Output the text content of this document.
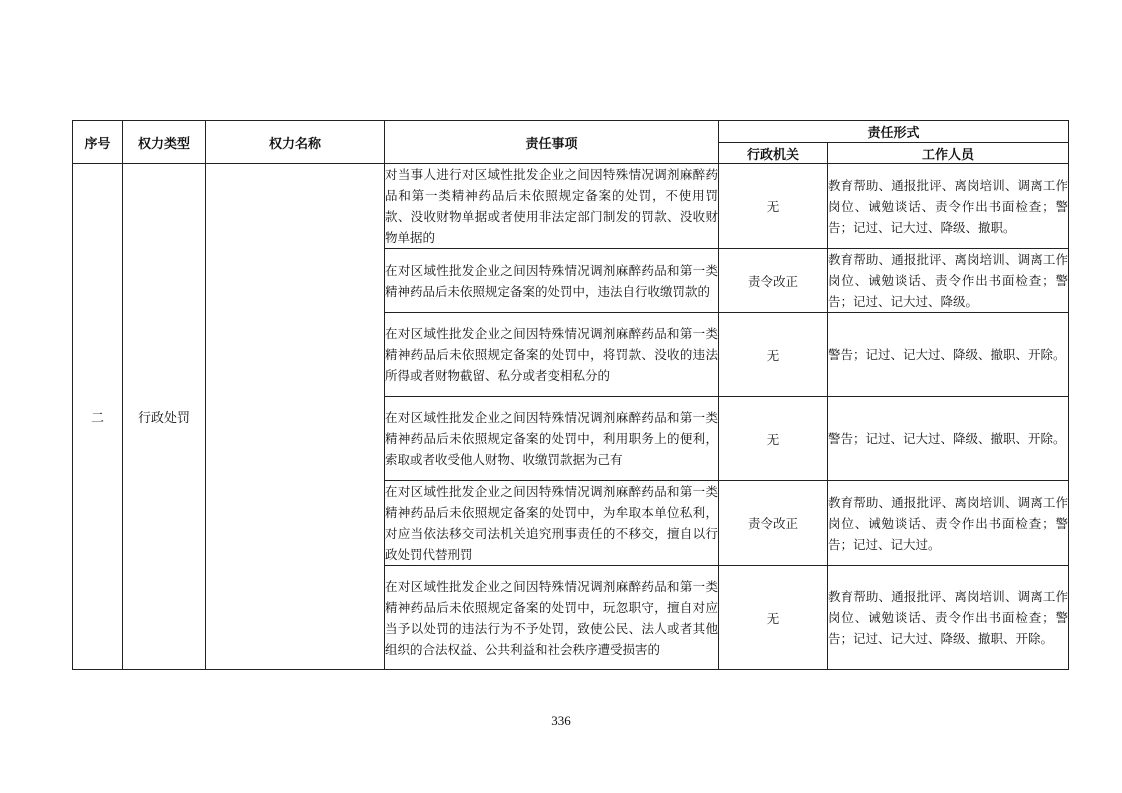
序号	权力类型	权力名称	责任事项	责任形式	
				行政机关	工作人员
二	行政处罚		对当事人进行对区域性批发企业之间因特殊情况调剂麻醉药品和第一类精神药品后未依照规定备案的处罚，不使用罚款、没收财物单据或者使用非法定部门制发的罚款、没收财物单据的	无	教育帮助、通报批评、离岗培训、调离工作岗位、诫勉谈话、责令作出书面检查；警告；记过、记大过、降级、撤职。
			在对区域性批发企业之间因特殊情况调剂麻醉药品和第一类精神药品后未依照规定备案的处罚中，违法自行收缴罚款的	责令改正	教育帮助、通报批评、离岗培训、调离工作岗位、诫勉谈话、责令作出书面检查；警告；记过、记大过、降级。
			在对区域性批发企业之间因特殊情况调剂麻醉药品和第一类精神药品后未依照规定备案的处罚中，将罚款、没收的违法所得或者财物截留、私分或者变相私分的	无	警告；记过、记大过、降级、撤职、开除。
			在对区域性批发企业之间因特殊情况调剂麻醉药品和第一类精神药品后未依照规定备案的处罚中，利用职务上的便利，索取或者收受他人财物、收缴罚款据为己有	无	警告；记过、记大过、降级、撤职、开除。
			在对区域性批发企业之间因特殊情况调剂麻醉药品和第一类精神药品后未依照规定备案的处罚中，为牟取本单位私利，对应当依法移交司法机关追究刑事责任的不移交，擅自以行政处罚代替刑罚	责令改正	教育帮助、通报批评、离岗培训、调离工作岗位、诫勉谈话、责令作出书面检查；警告；记过、记大过。
			在对区域性批发企业之间因特殊情况调剂麻醉药品和第一类精神药品后未依照规定备案的处罚中，玩忽职守，擅自对应当予以处罚的违法行为不予处罚，致使公民、法人或者其他组织的合法权益、公共利益和社会秩序遭受损害的	无	教育帮助、通报批评、离岗培训、调离工作岗位、诫勉谈话、责令作出书面检查；警告；记过、记大过、降级、撤职、开除。
336
